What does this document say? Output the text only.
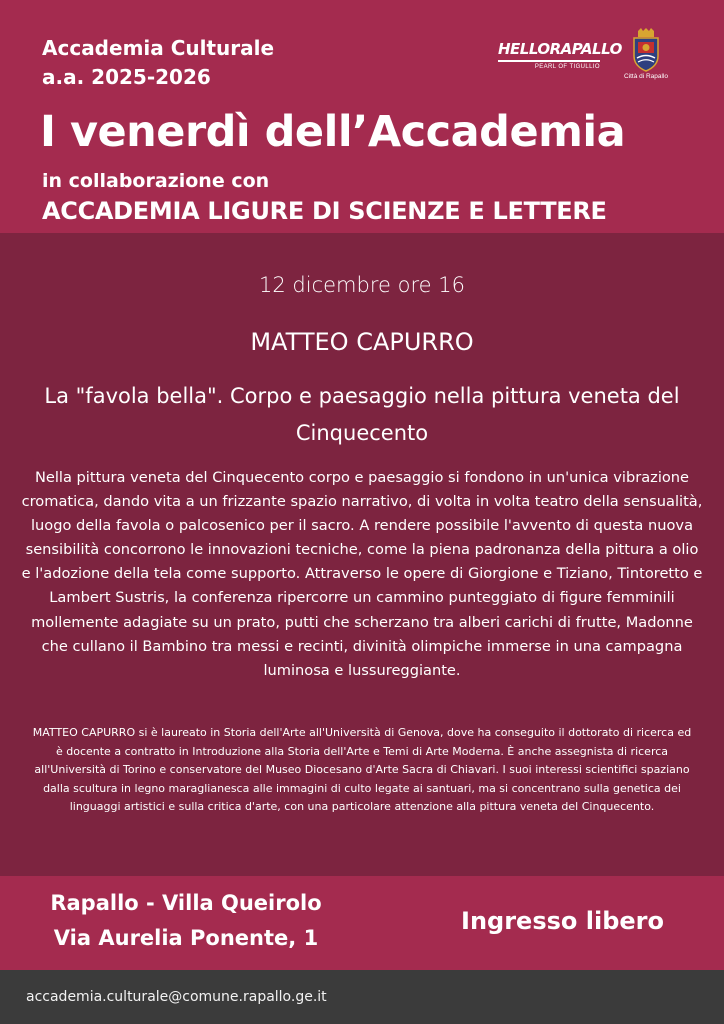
Accademia Culturale
a.a. 2025-2026
HELLORAPALLO
PEARL OF TIGULLIO
Città di Rapallo
I venerdì dell’Accademia
in collaborazione con
ACCADEMIA LIGURE DI SCIENZE E LETTERE
12 dicembre ore 16
MATTEO CAPURRO
La "favola bella". Corpo e paesaggio nella pittura veneta del Cinquecento

Nella pittura veneta del Cinquecento corpo e paesaggio si fondono in un'unica vibrazione cromatica, dando vita a un frizzante spazio narrativo, di volta in volta teatro della sensualità, luogo della favola o palcosenico per il sacro. A rendere possibile l'avvento di questa nuova sensibilità concorrono le innovazioni tecniche, come la piena padronanza della pittura a olio e l'adozione della tela come supporto. Attraverso le opere di Giorgione e Tiziano, Tintoretto e Lambert Sustris, la conferenza ripercorre un cammino punteggiato di figure femminili mollemente adagiate su un prato, putti che scherzano tra alberi carichi di frutte, Madonne che cullano il Bambino tra messi e recinti, divinità olimpiche immerse in una campagna luminosa e lussureggiante.

MATTEO CAPURRO si è laureato in Storia dell'Arte all'Università di Genova, dove ha conseguito il dottorato di ricerca ed è docente a contratto in Introduzione alla Storia dell'Arte e Temi di Arte Moderna. È anche assegnista di ricerca all'Università di Torino e conservatore del Museo Diocesano d'Arte Sacra di Chiavari. I suoi interessi scientifici spaziano dalla scultura in legno maraglianesca alle immagini di culto legate ai santuari, ma si concentrano sulla genetica dei linguaggi artistici e sulla critica d'arte, con una particolare attenzione alla pittura veneta del Cinquecento.

Rapallo - Villa Queirolo
Via Aurelia Ponente, 1
Ingresso libero
accademia.culturale@comune.rapallo.ge.it
